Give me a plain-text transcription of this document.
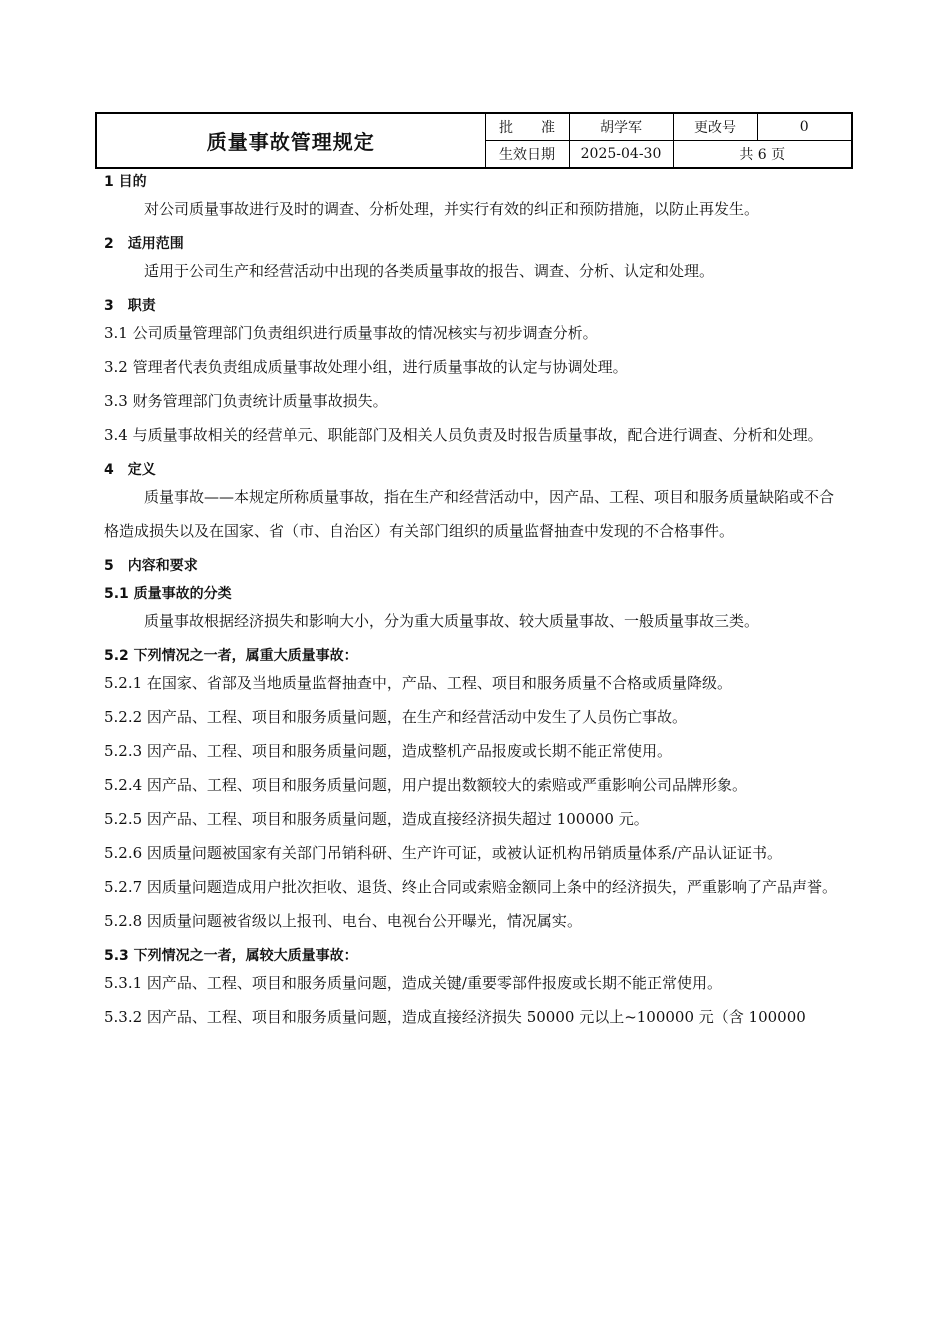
质量事故管理规定	批　　准	胡学军	更改号	0
	生效日期	2025-04-30	共 6 页	

1 目的

对公司质量事故进行及时的调查、分析处理，并实行有效的纠正和预防措施，以防止再发生。

2　适用范围

适用于公司生产和经营活动中出现的各类质量事故的报告、调查、分析、认定和处理。

3　职责

3.1 公司质量管理部门负责组织进行质量事故的情况核实与初步调查分析。

3.2 管理者代表负责组成质量事故处理小组，进行质量事故的认定与协调处理。

3.3 财务管理部门负责统计质量事故损失。

3.4 与质量事故相关的经营单元、职能部门及相关人员负责及时报告质量事故，配合进行调查、分析和处理。

4　定义

质量事故——本规定所称质量事故，指在生产和经营活动中，因产品、工程、项目和服务质量缺陷或不合格造成损失以及在国家、省（市、自治区）有关部门组织的质量监督抽查中发现的不合格事件。

5　内容和要求

5.1 质量事故的分类

质量事故根据经济损失和影响大小，分为重大质量事故、较大质量事故、一般质量事故三类。

5.2 下列情况之一者，属重大质量事故：

5.2.1 在国家、省部及当地质量监督抽查中，产品、工程、项目和服务质量不合格或质量降级。

5.2.2 因产品、工程、项目和服务质量问题，在生产和经营活动中发生了人员伤亡事故。

5.2.3 因产品、工程、项目和服务质量问题，造成整机产品报废或长期不能正常使用。

5.2.4 因产品、工程、项目和服务质量问题，用户提出数额较大的索赔或严重影响公司品牌形象。

5.2.5 因产品、工程、项目和服务质量问题，造成直接经济损失超过 100000 元。

5.2.6 因质量问题被国家有关部门吊销科研、生产许可证，或被认证机构吊销质量体系/产品认证证书。

5.2.7 因质量问题造成用户批次拒收、退货、终止合同或索赔金额同上条中的经济损失，严重影响了产品声誉。

5.2.8 因质量问题被省级以上报刊、电台、电视台公开曝光，情况属实。

5.3 下列情况之一者，属较大质量事故：

5.3.1 因产品、工程、项目和服务质量问题，造成关键/重要零部件报废或长期不能正常使用。

5.3.2 因产品、工程、项目和服务质量问题，造成直接经济损失 50000 元以上~100000 元（含 100000
